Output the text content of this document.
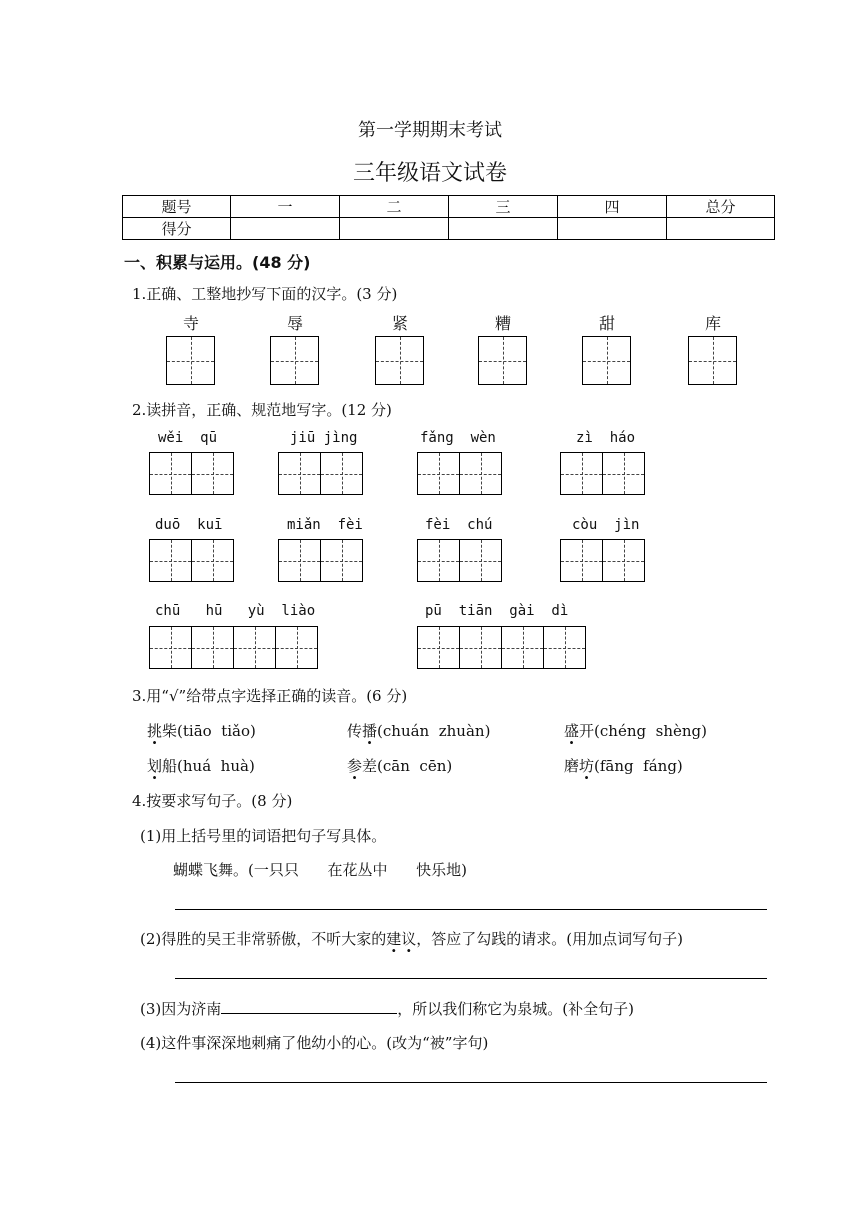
第一学期期末考试
三年级语文试卷
题号	一	二	三	四	总分
得分					
一、积累与运用。(48 分)
1.正确、工整地抄写下面的汉字。(3 分)
寺	辱	紧	糟	甜	库
2.读拼音，正确、规范地写字。(12 分)
wěi  qū	jiū jìng	fǎng  wèn	zì  háo
duō  kuī	miǎn  fèi	fèi  chú	còu  jìn
chū   hū   yù  liào	pū  tiān  gài  dì
3.用“√”给带点字选择正确的读音。(6 分)
挑柴(tiāo  tiǎo)	传播(chuán  zhuàn)	盛开(chéng  shèng)
划船(huá  huà)	参差(cān  cēn)	磨坊(fāng  fáng)
4.按要求写句子。(8 分)
(1)用上括号里的词语把句子写具体。
蝴蝶飞舞。(一只只      在花丛中      快乐地)
(2)得胜的吴王非常骄傲，不听大家的建议，答应了勾践的请求。(用加点词写句子)
(3)因为济南	，所以我们称它为泉城。(补全句子)
(4)这件事深深地刺痛了他幼小的心。(改为“被”字句)
